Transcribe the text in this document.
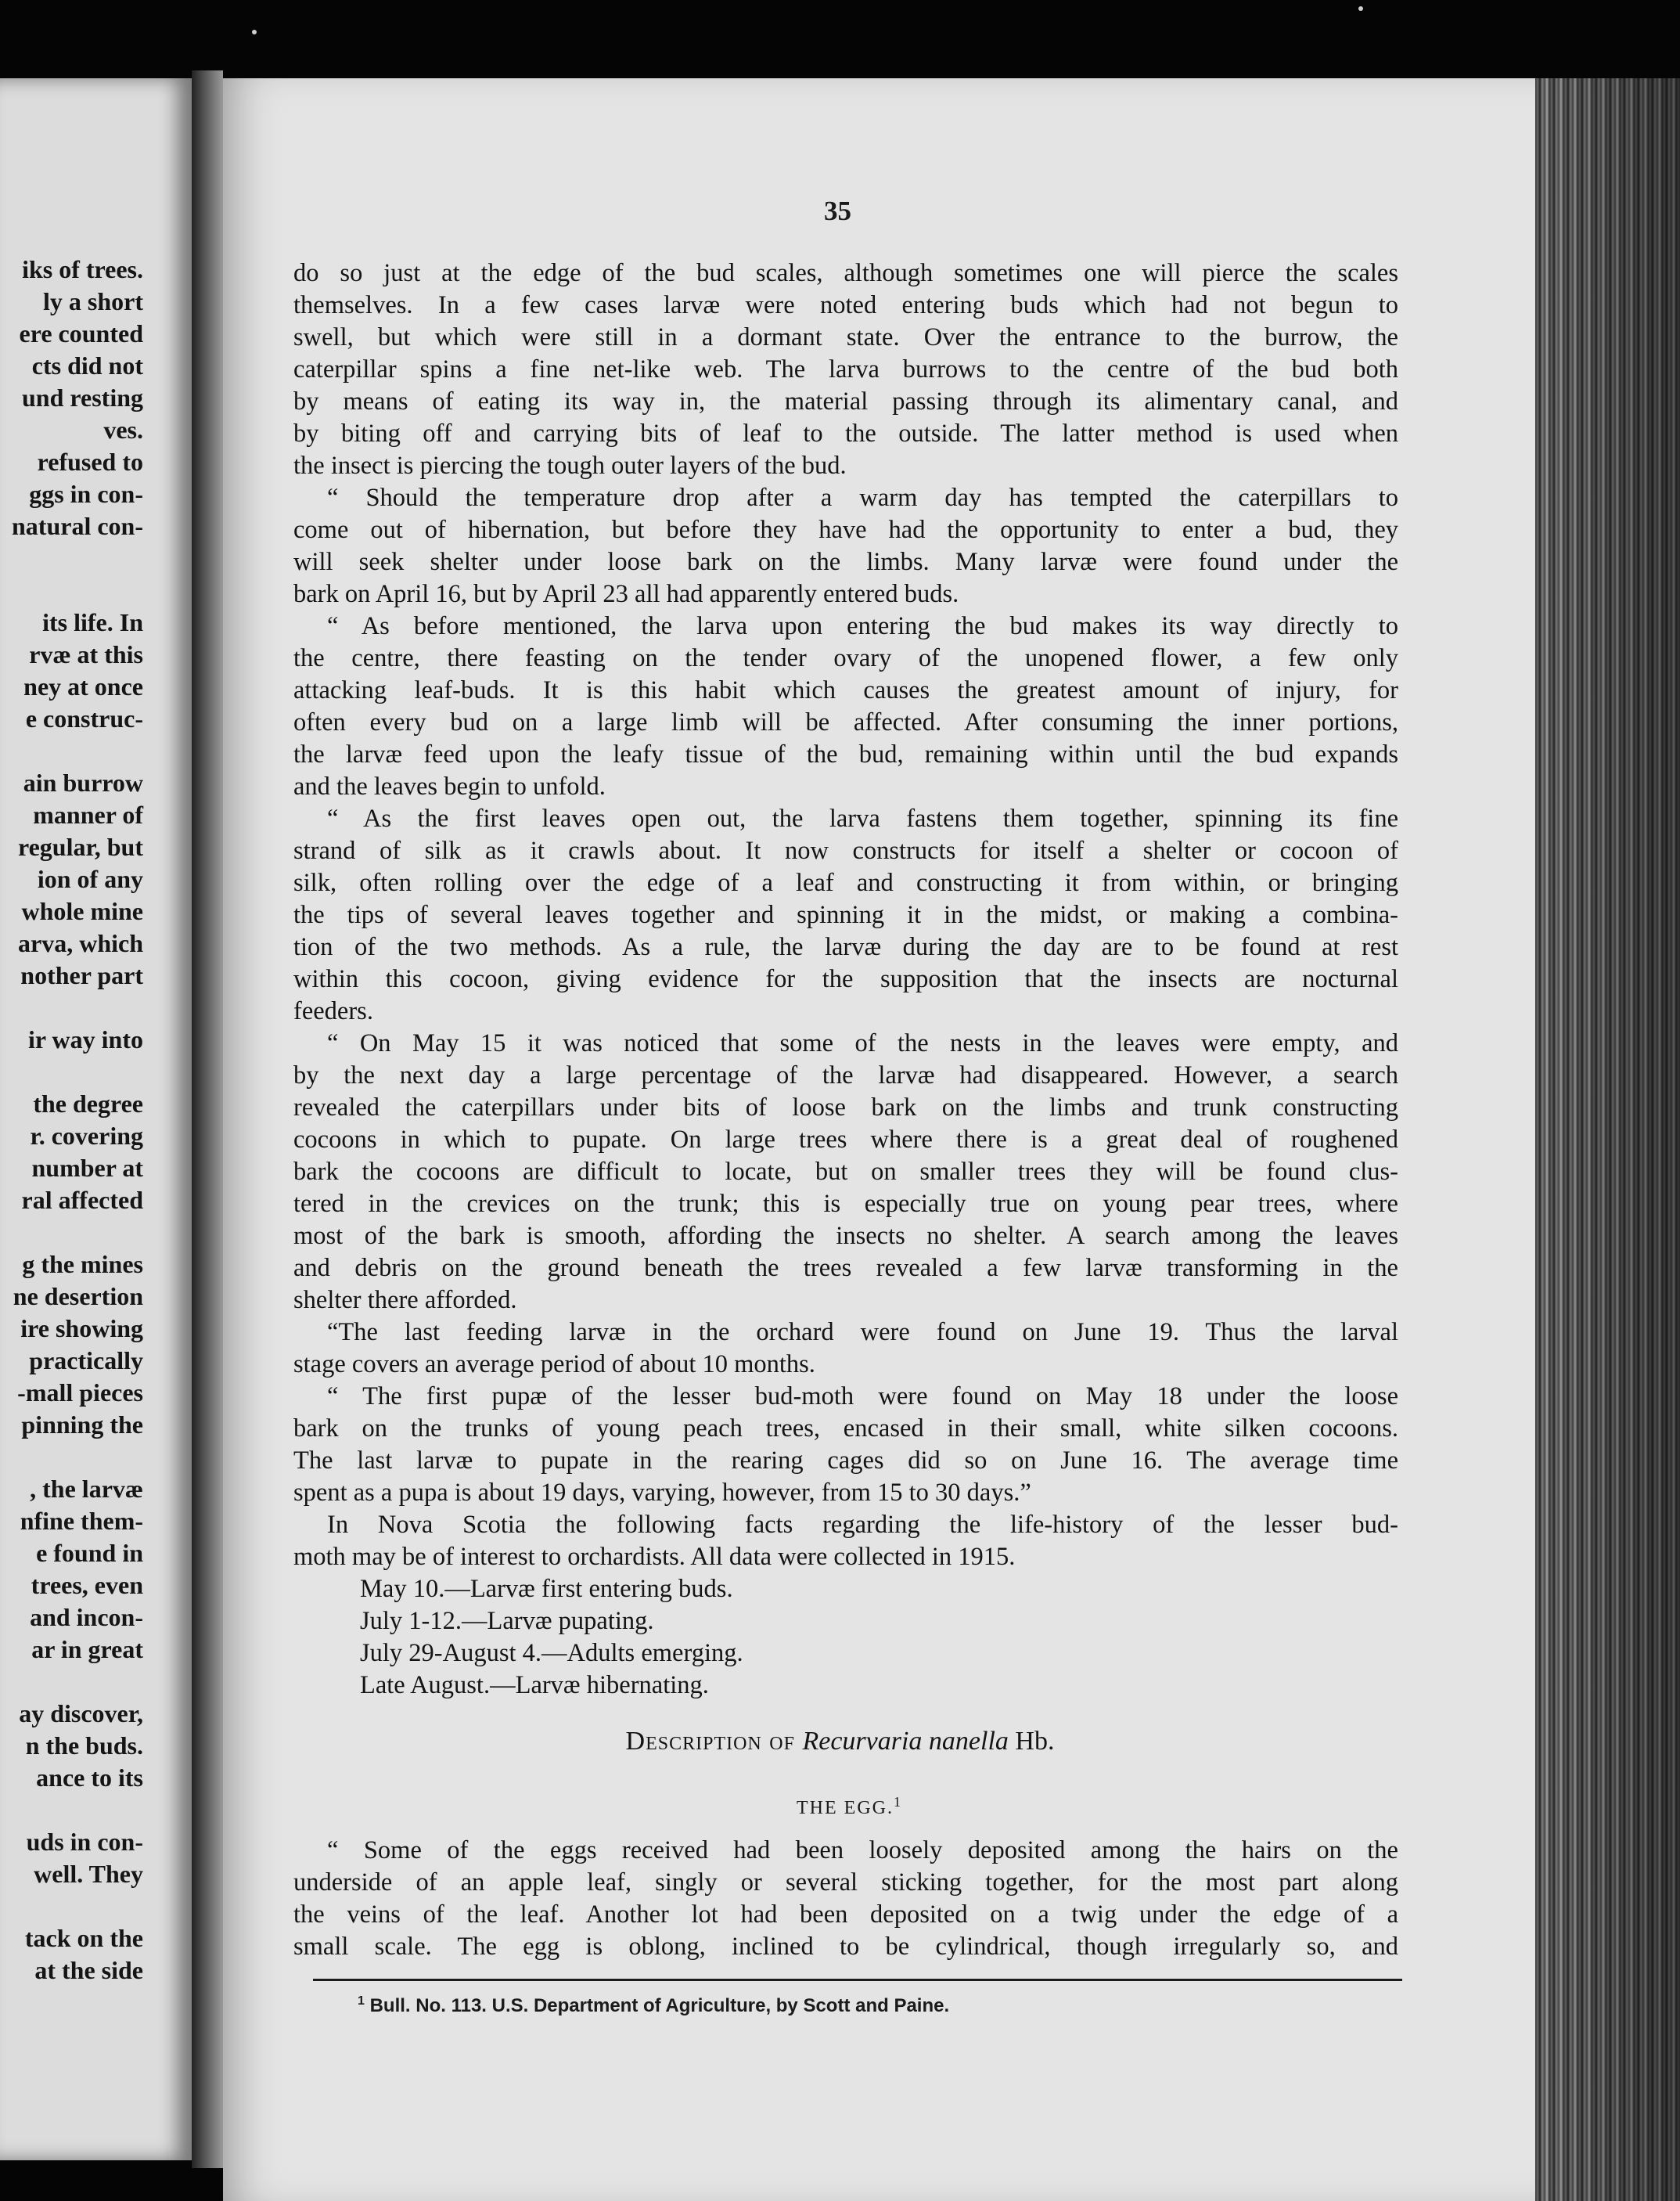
iks of trees.
ly a short
ere counted
cts did not
und resting
ves.
refused to
ggs in con-
natural con-
its life. In
rvæ at this
ney at once
e construc-
ain burrow
manner of
regular, but
ion of any
whole mine
arva, which
nother part
ir way into
the degree
r. covering
number at
ral affected
g the mines
ne desertion
ire showing
practically
-mall pieces
pinning the
, the larvæ
nfine them-
e found in
trees, even
and incon-
ar in great
ay discover,
n the buds.
ance to its
uds in con-
well. They
tack on the
at the side
35
do so just at the edge of the bud scales, although sometimes one will pierce the scales
themselves. In a few cases larvæ were noted entering buds which had not begun to
swell, but which were still in a dormant state. Over the entrance to the burrow, the
caterpillar spins a fine net-like web. The larva burrows to the centre of the bud both
by means of eating its way in, the material passing through its alimentary canal, and
by biting off and carrying bits of leaf to the outside. The latter method is used when
the insect is piercing the tough outer layers of the bud.
“ Should the temperature drop after a warm day has tempted the caterpillars to
come out of hibernation, but before they have had the opportunity to enter a bud, they
will seek shelter under loose bark on the limbs. Many larvæ were found under the
bark on April 16, but by April 23 all had apparently entered buds.
“ As before mentioned, the larva upon entering the bud makes its way directly to
the centre, there feasting on the tender ovary of the unopened flower, a few only
attacking leaf-buds. It is this habit which causes the greatest amount of injury, for
often every bud on a large limb will be affected. After consuming the inner portions,
the larvæ feed upon the leafy tissue of the bud, remaining within until the bud expands
and the leaves begin to unfold.
“ As the first leaves open out, the larva fastens them together, spinning its fine
strand of silk as it crawls about. It now constructs for itself a shelter or cocoon of
silk, often rolling over the edge of a leaf and constructing it from within, or bringing
the tips of several leaves together and spinning it in the midst, or making a combina-
tion of the two methods. As a rule, the larvæ during the day are to be found at rest
within this cocoon, giving evidence for the supposition that the insects are nocturnal
feeders.
“ On May 15 it was noticed that some of the nests in the leaves were empty, and
by the next day a large percentage of the larvæ had disappeared. However, a search
revealed the caterpillars under bits of loose bark on the limbs and trunk constructing
cocoons in which to pupate. On large trees where there is a great deal of roughened
bark the cocoons are difficult to locate, but on smaller trees they will be found clus-
tered in the crevices on the trunk; this is especially true on young pear trees, where
most of the bark is smooth, affording the insects no shelter. A search among the leaves
and debris on the ground beneath the trees revealed a few larvæ transforming in the
shelter there afforded.
“The last feeding larvæ in the orchard were found on June 19. Thus the larval
stage covers an average period of about 10 months.
“ The first pupæ of the lesser bud-moth were found on May 18 under the loose
bark on the trunks of young peach trees, encased in their small, white silken cocoons.
The last larvæ to pupate in the rearing cages did so on June 16. The average time
spent as a pupa is about 19 days, varying, however, from 15 to 30 days.”
In Nova Scotia the following facts regarding the life-history of the lesser bud-
moth may be of interest to orchardists. All data were collected in 1915.
May 10.—Larvæ first entering buds.
July 1-12.—Larvæ pupating.
July 29-August 4.—Adults emerging.
Late August.—Larvæ hibernating.
Description of Recurvaria nanella Hb.
THE EGG.$^1$
“ Some of the eggs received had been loosely deposited among the hairs on the
underside of an apple leaf, singly or several sticking together, for the most part along
the veins of the leaf. Another lot had been deposited on a twig under the edge of a
small scale. The egg is oblong, inclined to be cylindrical, though irregularly so, and
$^1$ Bull. No. 113. U.S. Department of Agriculture, by Scott and Paine.
